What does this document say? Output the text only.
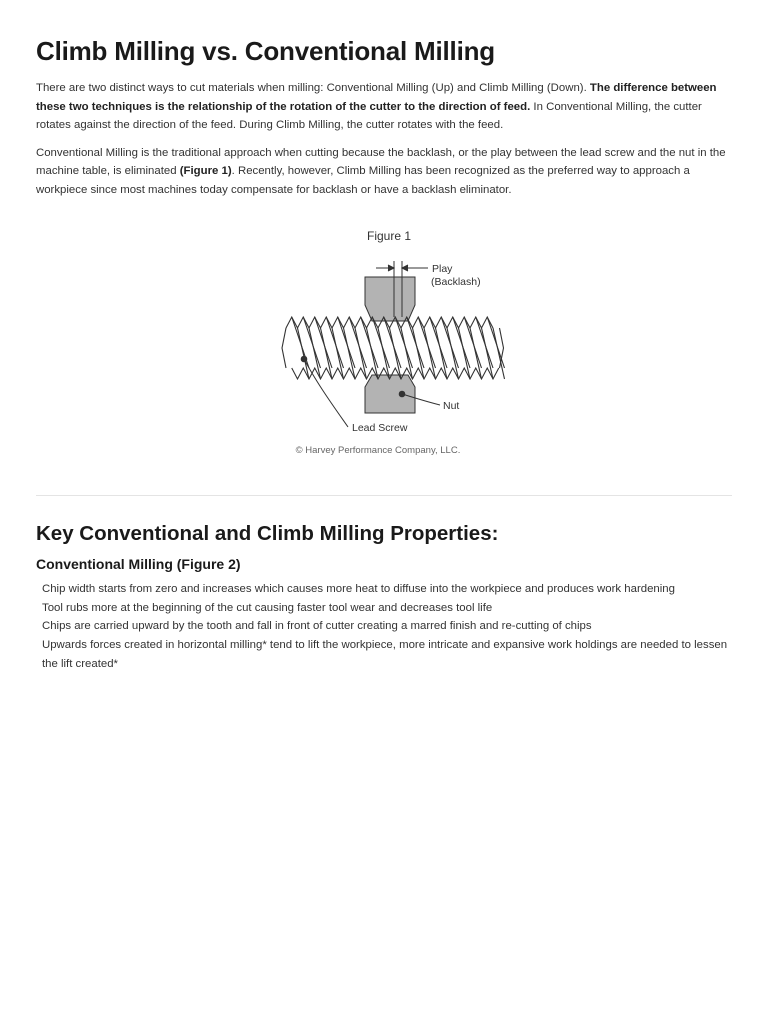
Climb Milling vs. Conventional Milling

There are two distinct ways to cut materials when milling: Conventional Milling (Up) and Climb Milling (Down). The difference between these two techniques is the relationship of the rotation of the cutter to the direction of feed. In Conventional Milling, the cutter rotates against the direction of the feed. During Climb Milling, the cutter rotates with the feed.

Conventional Milling is the traditional approach when cutting because the backlash, or the play between the lead screw and the nut in the machine table, is eliminated (Figure 1). Recently, however, Climb Milling has been recognized as the preferred way to approach a workpiece since most machines today compensate for backlash or have a backlash eliminator.

Figure 1
Play
(Backlash)
Nut
Lead Screw
© Harvey Performance Company, LLC.
Key Conventional and Climb Milling Properties:
Conventional Milling (Figure 2)
Chip width starts from zero and increases which causes more heat to diffuse into the workpiece and produces work hardening
Tool rubs more at the beginning of the cut causing faster tool wear and decreases tool life
Chips are carried upward by the tooth and fall in front of cutter creating a marred finish and re-cutting of chips
Upwards forces created in horizontal milling* tend to lift the workpiece, more intricate and expansive work holdings are needed to lessen the lift created*
